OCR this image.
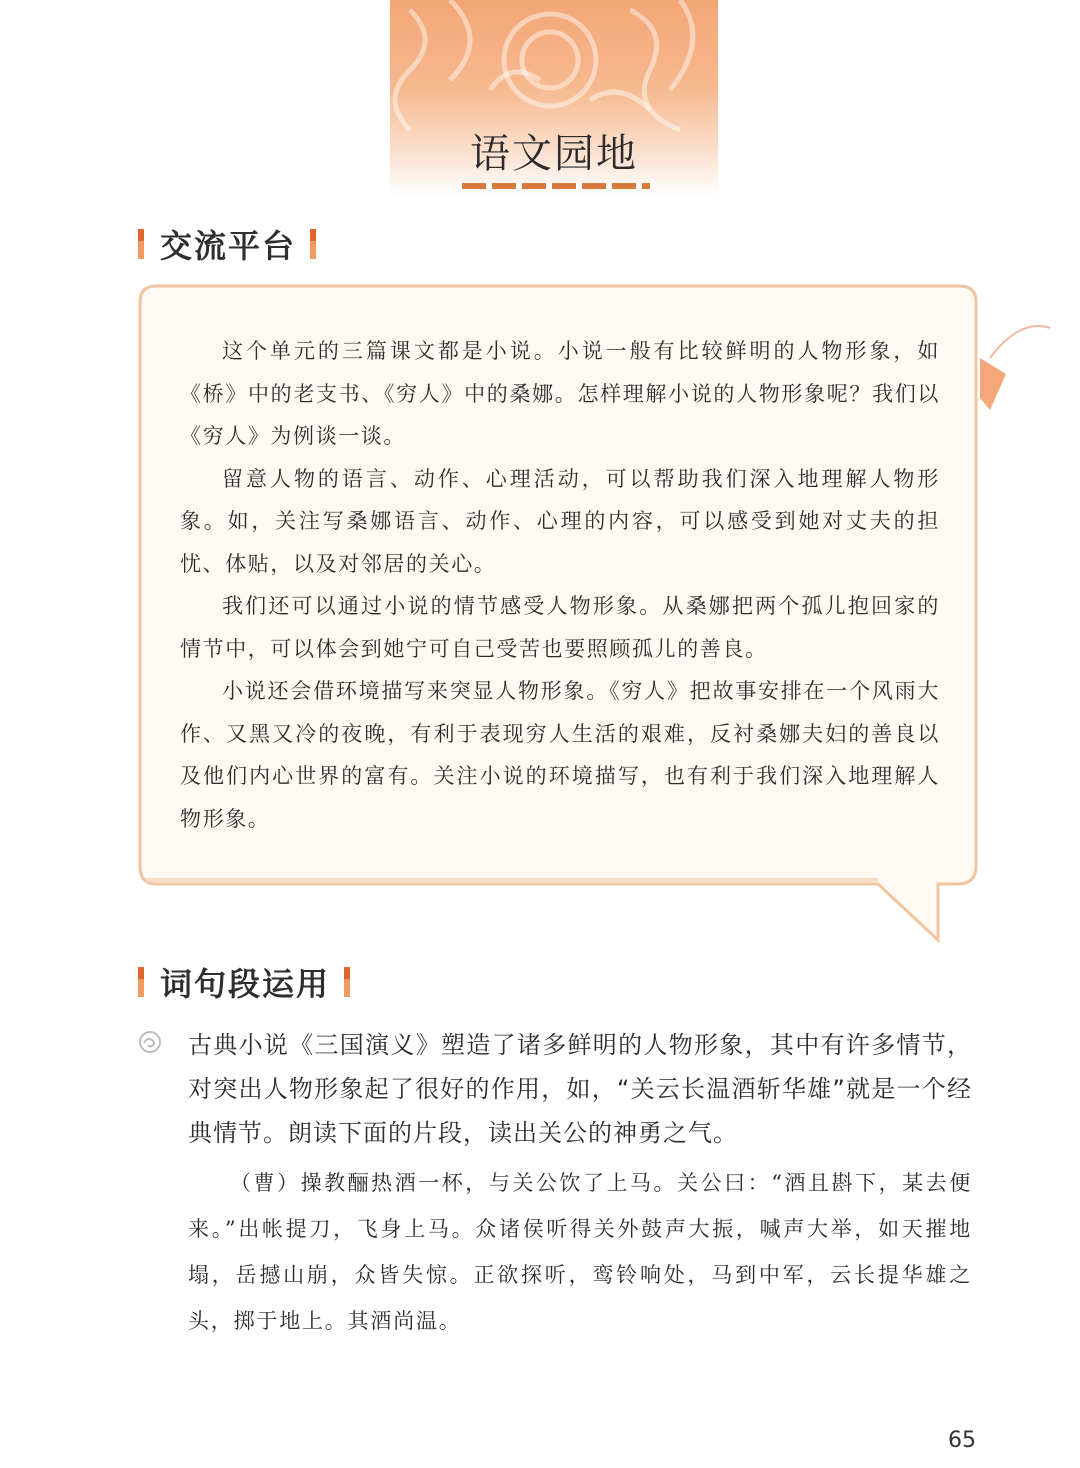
语文园地
交流平台

这个单元的三篇课文都是小说。小说一般有比较鲜明的人物形象，如《桥》中的老支书、《穷人》中的桑娜。怎样理解小说的人物形象呢？我们以《穷人》为例谈一谈。

留意人物的语言、动作、心理活动，可以帮助我们深入地理解人物形象。如，关注写桑娜语言、动作、心理的内容，可以感受到她对丈夫的担忧、体贴，以及对邻居的关心。

我们还可以通过小说的情节感受人物形象。从桑娜把两个孤儿抱回家的情节中，可以体会到她宁可自己受苦也要照顾孤儿的善良。

小说还会借环境描写来突显人物形象。《穷人》把故事安排在一个风雨大作、又黑又冷的夜晚，有利于表现穷人生活的艰难，反衬桑娜夫妇的善良以及他们内心世界的富有。关注小说的环境描写，也有利于我们深入地理解人物形象。

词句段运用
古典小说《三国演义》塑造了诸多鲜明的人物形象，其中有许多情节，对突出人物形象起了很好的作用，如，“关云长温酒斩华雄”就是一个经典情节。朗读下面的片段，读出关公的神勇之气。

（曹）操教酾热酒一杯，与关公饮了上马。关公曰：“酒且斟下，某去便来。”出帐提刀，飞身上马。众诸侯听得关外鼓声大振，喊声大举，如天摧地塌，岳撼山崩，众皆失惊。正欲探听，鸾铃响处，马到中军，云长提华雄之头，掷于地上。其酒尚温。

65
